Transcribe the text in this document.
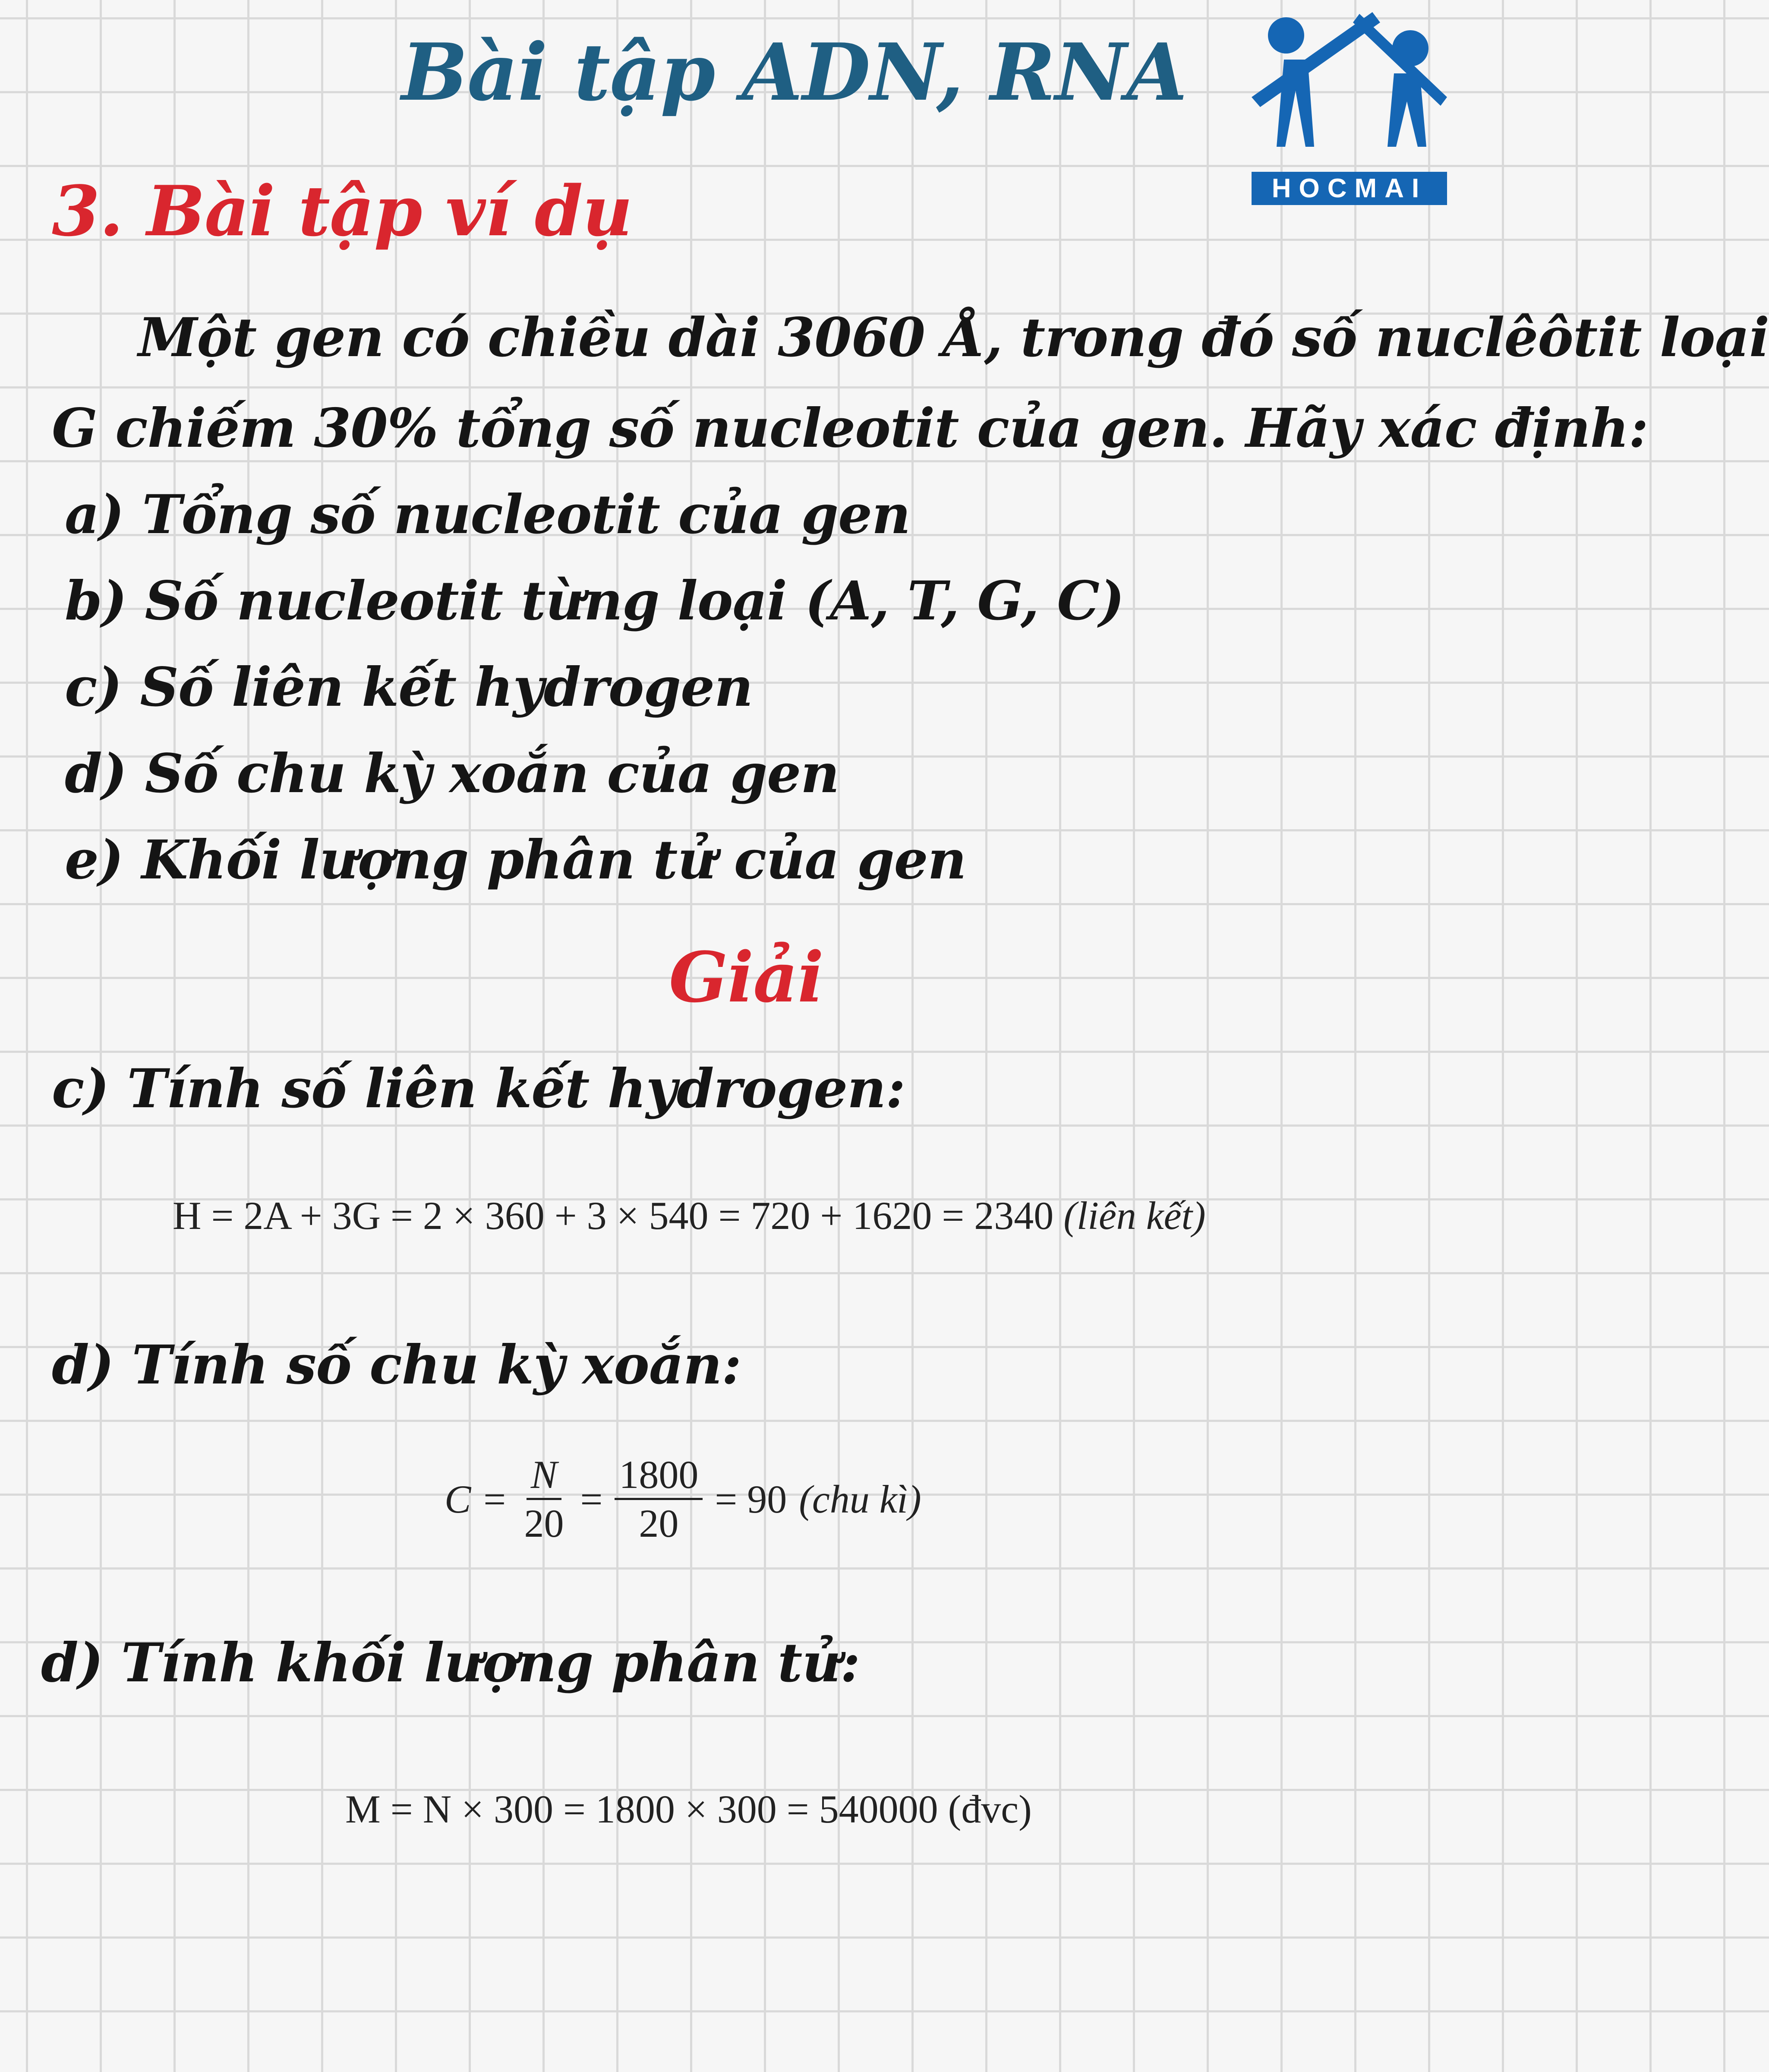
Bài tập ADN, RNA
HOCMAI
3. Bài tập ví dụ

Một gen có chiều dài 3060 Å, trong đó số nuclêôtit loại

G chiếm 30% tổng số nucleotit của gen. Hãy xác định:

a) Tổng số nucleotit của gen

b) Số nucleotit từng loại (A, T, G, C)

c) Số liên kết hydrogen

d) Số chu kỳ xoắn của gen

e) Khối lượng phân tử của gen

Giải
c) Tính số liên kết hydrogen:
H = 2A + 3G = 2 × 360 + 3 × 540 = 720 + 1620 = 2340 (liên kết)
d) Tính số chu kỳ xoắn:
$C = \frac{N}{20} = \frac{1800}{20} = 90$ (chu kì)
d) Tính khối lượng phân tử:
M = N × 300 = 1800 × 300 = 540000 (đvc)
